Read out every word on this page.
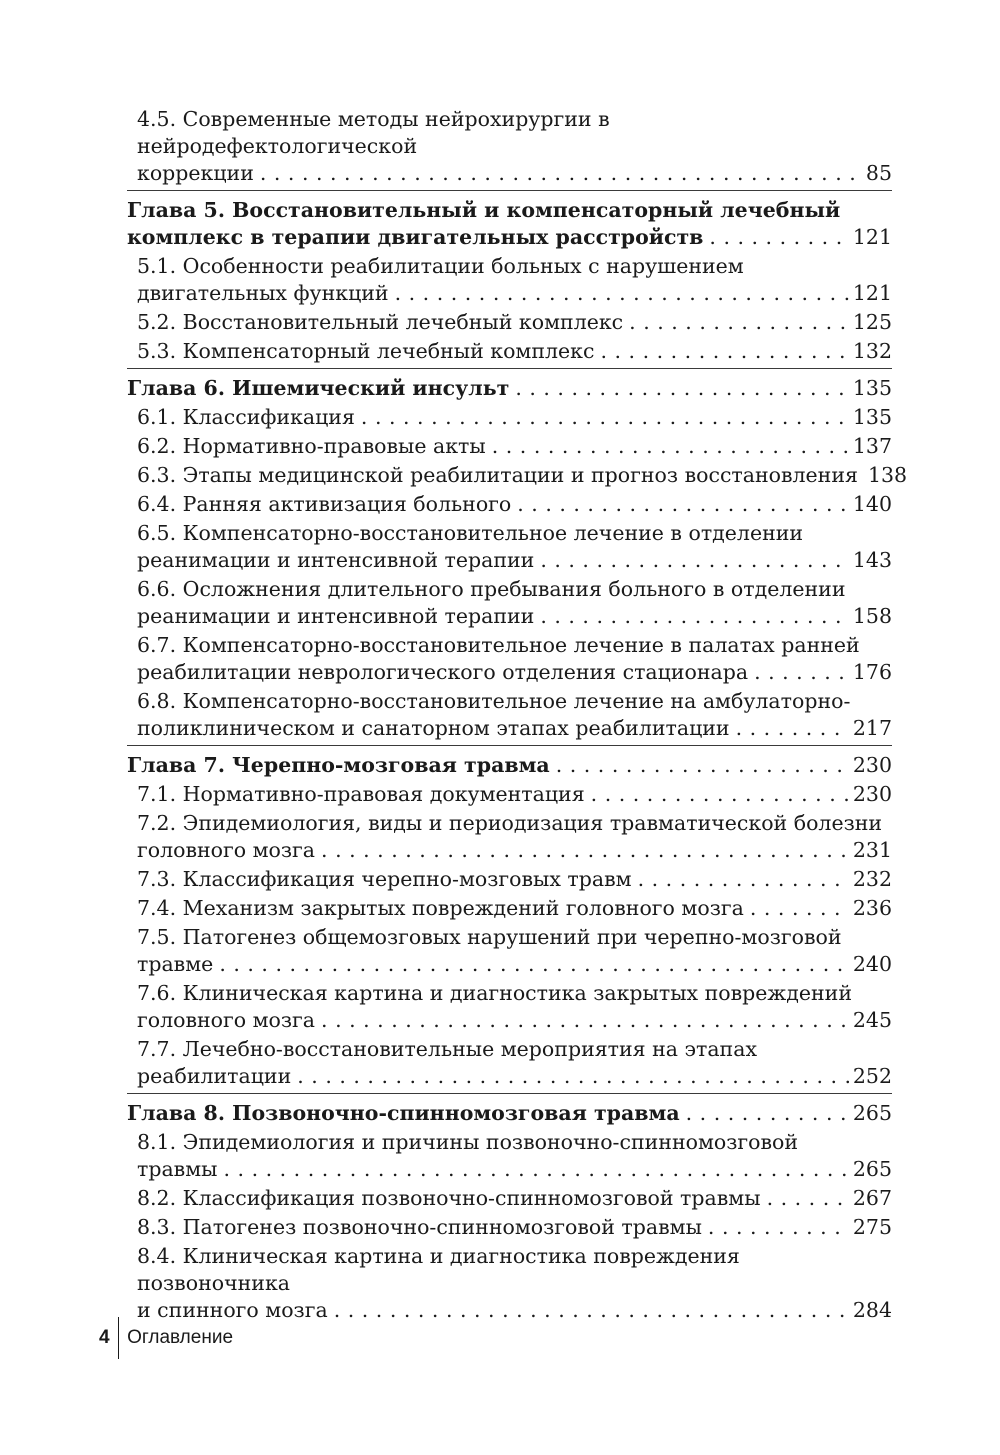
4.5. Современные методы нейрохирургии в нейродефектологической
коррекции . . .	85
Глава 5. Восстановительный и компенсаторный лечебный
комплекс в терапии двигательных расстройств . . .	121
5.1. Особенности реабилитации больных с нарушением
двигательных функций . . .	121
5.2. Восстановительный лечебный комплекс . . .	125
5.3. Компенсаторный лечебный комплекс . . .	132
Глава 6. Ишемический инсульт . . .	135
6.1. Классификация . . .	135
6.2. Нормативно-правовые акты . . .	137
6.3. Этапы медицинской реабилитации и прогноз восстановления 138
6.4. Ранняя активизация больного . . .	140
6.5. Компенсаторно-восстановительное лечение в отделении
реанимации и интенсивной терапии . . .	143
6.6. Осложнения длительного пребывания больного в отделении
реанимации и интенсивной терапии . . .	158
6.7. Компенсаторно-восстановительное лечение в палатах ранней
реабилитации неврологического отделения стационара . . .	176
6.8. Компенсаторно-восстановительное лечение на амбулаторно-
поликлиническом и санаторном этапах реабилитации . . .	217
Глава 7. Черепно-мозговая травма . . .	230
7.1. Нормативно-правовая документация . . .	230
7.2. Эпидемиология, виды и периодизация травматической болезни
головного мозга . . .	231
7.3. Классификация черепно-мозговых травм . . .	232
7.4. Механизм закрытых повреждений головного мозга . . .	236
7.5. Патогенез общемозговых нарушений при черепно-мозговой
травме . . .	240
7.6. Клиническая картина и диагностика закрытых повреждений
головного мозга . . .	245
7.7. Лечебно-восстановительные мероприятия на этапах
реабилитации . . .	252
Глава 8. Позвоночно-спинномозговая травма . . .	265
8.1. Эпидемиология и причины позвоночно-спинномозговой
травмы . . .	265
8.2. Классификация позвоночно-спинномозговой травмы . . .	267
8.3. Патогенез позвоночно-спинномозговой травмы . . .	275
8.4. Клиническая картина и диагностика повреждения позвоночника
и спинного мозга . . .	284
4 Оглавление
